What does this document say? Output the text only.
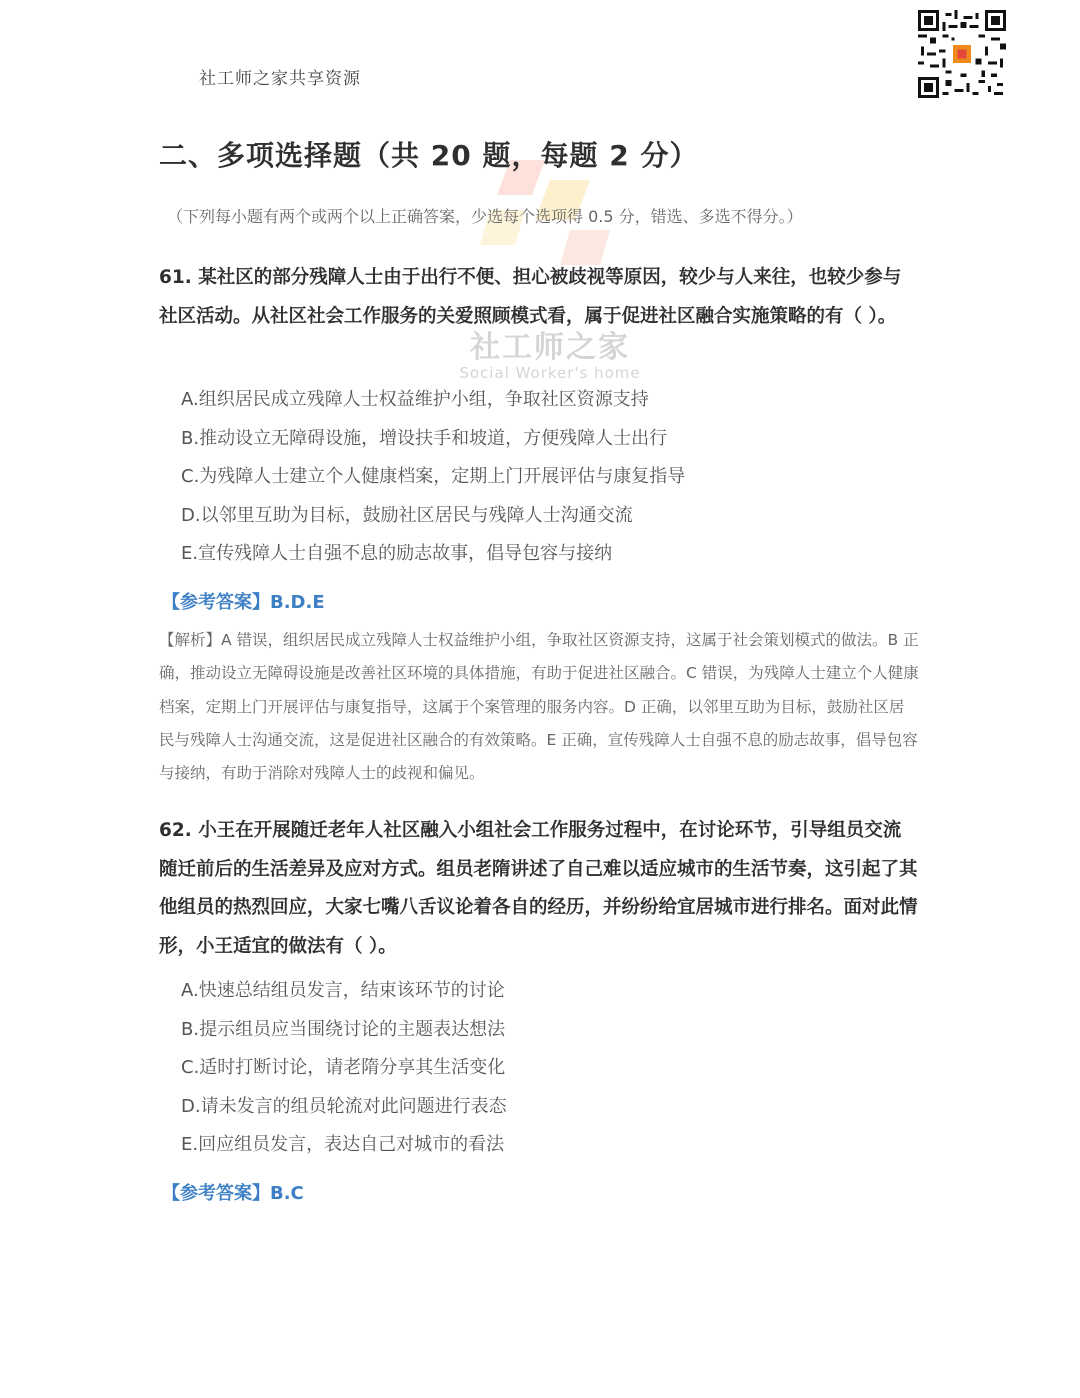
社工师之家共享资源
社工师之家
Social Worker's home
二、多项选择题（共 20 题，每题 2 分）
（下列每小题有两个或两个以上正确答案，少选每个选项得 0.5 分，错选、多选不得分。）

61. 某社区的部分残障人士由于出行不便、担心被歧视等原因，较少与人来往，也较少参与社区活动。从社区社会工作服务的关爱照顾模式看，属于促进社区融合实施策略的有（ ）。

A.组织居民成立残障人士权益维护小组，争取社区资源支持
B.推动设立无障碍设施，增设扶手和坡道，方便残障人士出行
C.为残障人士建立个人健康档案，定期上门开展评估与康复指导
D.以邻里互助为目标，鼓励社区居民与残障人士沟通交流
E.宣传残障人士自强不息的励志故事，倡导包容与接纳
【参考答案】B.D.E

【解析】A 错误，组织居民成立残障人士权益维护小组，争取社区资源支持，这属于社会策划模式的做法。B 正确，推动设立无障碍设施是改善社区环境的具体措施，有助于促进社区融合。C 错误，为残障人士建立个人健康档案，定期上门开展评估与康复指导，这属于个案管理的服务内容。D 正确，以邻里互助为目标，鼓励社区居民与残障人士沟通交流，这是促进社区融合的有效策略。E 正确，宣传残障人士自强不息的励志故事，倡导包容与接纳，有助于消除对残障人士的歧视和偏见。

62. 小王在开展随迁老年人社区融入小组社会工作服务过程中，在讨论环节，引导组员交流随迁前后的生活差异及应对方式。组员老隋讲述了自己难以适应城市的生活节奏，这引起了其他组员的热烈回应，大家七嘴八舌议论着各自的经历，并纷纷给宜居城市进行排名。面对此情形，小王适宜的做法有（ ）。

A.快速总结组员发言，结束该环节的讨论
B.提示组员应当围绕讨论的主题表达想法
C.适时打断讨论，请老隋分享其生活变化
D.请未发言的组员轮流对此问题进行表态
E.回应组员发言，表达自己对城市的看法
【参考答案】B.C
